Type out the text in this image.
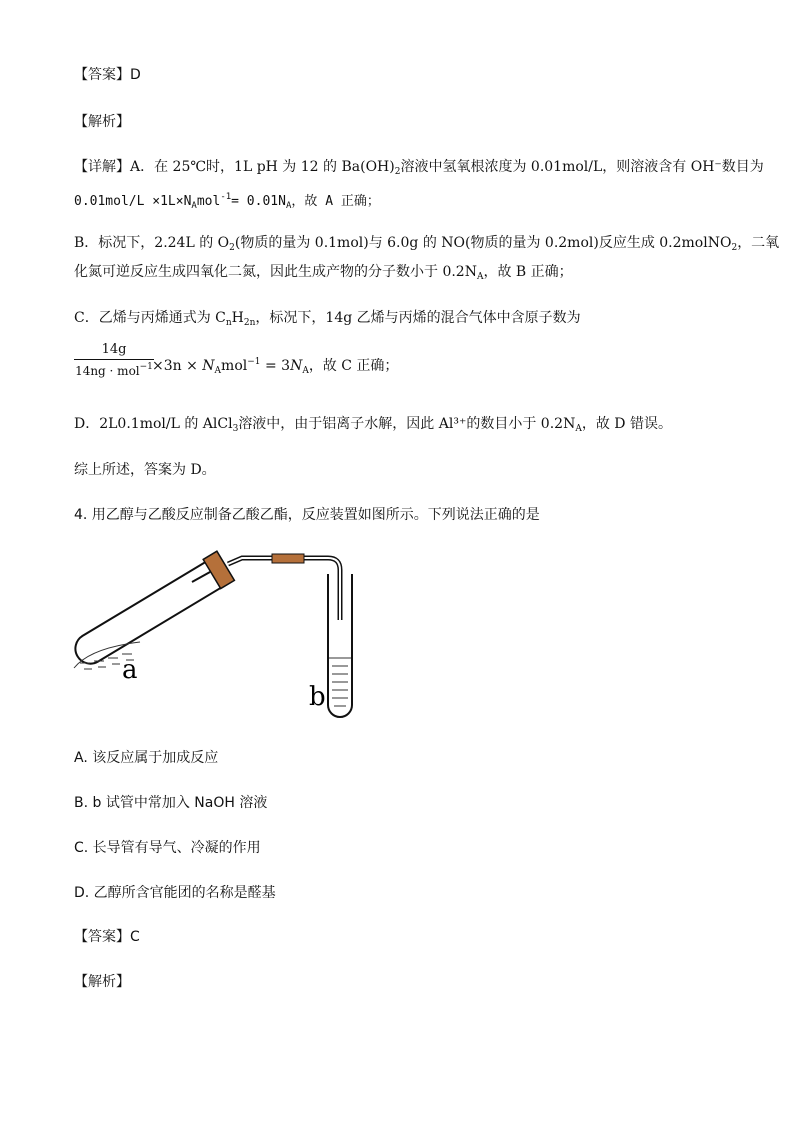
【答案】D
【解析】
【详解】A．在 25℃时，1L pH 为 12 的 $Ba(OH)_2$溶液中氢氧根浓度为 0.01mol/L，则溶液含有 OH⁻数目为
$0.01mol/L \times 1L\times N_Amol^{-1}= 0.01N_A$，故 A 正确；
B．标况下，2.24L 的 $O_2$(物质的量为 0.1mol)与 6.0g 的 NO(物质的量为 0.2mol)反应生成 0.2molNO$_2$，二氧
化氮可逆反应生成四氧化二氮，因此生成产物的分子数小于 $0.2N_A$，故 B 正确；
C．乙烯与丙烯通式为 $C_nH_{2n}$，标况下，14g 乙烯与丙烯的混合气体中含原子数为
14g
$14ng \cdot mol^{-1} \times 3n \times N_Amol^{-1} = 3N_A$，故 C 正确；
D．2L0.1mol/L 的 AlCl$_3$溶液中，由于铝离子水解，因此 Al³⁺的数目小于 $0.2N_A$，故 D 错误。
综上所述，答案为 D。
4. 用乙醇与乙酸反应制备乙酸乙酯，反应装置如图所示。下列说法正确的是
a
b
A. 该反应属于加成反应
B. b 试管中常加入 NaOH 溶液
C. 长导管有导气、冷凝的作用
D. 乙醇所含官能团的名称是醛基
【答案】C
【解析】
